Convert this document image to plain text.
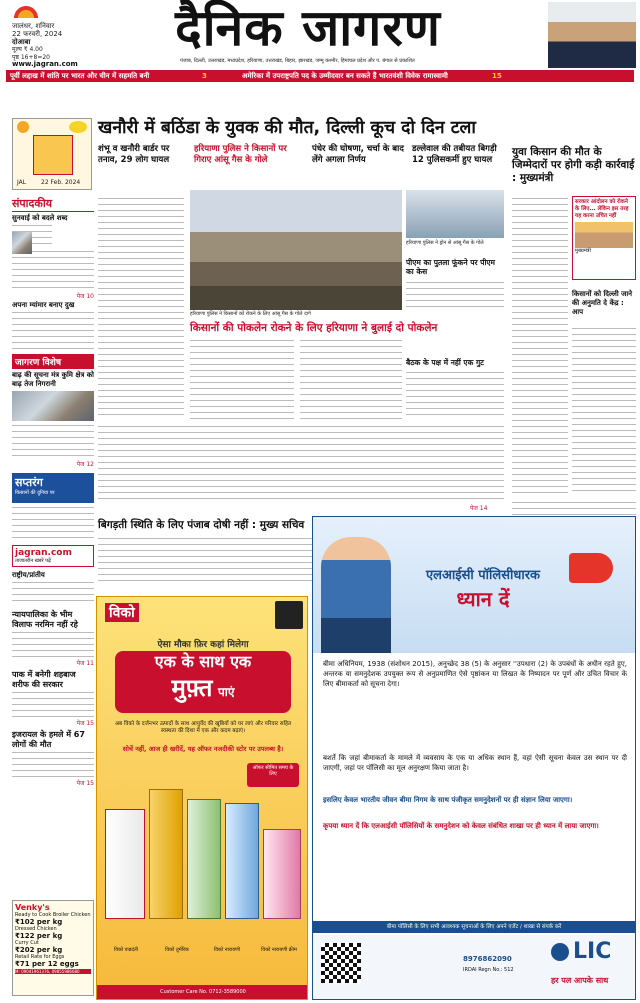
जालंधर, शनिवार
22 फरवरी, 2024
दोआबा
मूल्य ₹ 4.00
पृष्ठ 16+8=20
दैनिक जागरण
www.jagran.com	पंजाब, दिल्ली, उत्तराखंड, मध्यप्रदेश, हरियाणा, उत्तराखंड, बिहार, झारखंड, जम्मू कश्मीर, हिमाचल प्रदेश और प. बंगाल से प्रकाशित
पूर्वी लद्दाख में शांति पर भारत और चीन में सहमति बनी	3	अमेरिका में उपराष्ट्रपति पद के उम्मीदवार बन सकते हैं भारतवंशी विवेक रामास्वामी	15
JAL 22 Feb. 2024
संपादकीय
सुनवाई को बदले शब्द
पेज 10
अपना म्यांमार बनाए दुख
जागरण विशेष
बाढ़ की सूचना मंत्र कुमि क्षेत्र को बाढ़ तेज निगरानी
पेज 12
सप्तरंग
किसानों की दुनिया पर
jagran.com
ताजातरीन खबरें पढ़ें
राष्ट्रीय/प्रांतीय
न्यायपालिका के भीम विलाफ नरमिन नहीं रहे
पेज 11
पाक में बनेगी शहबाज शरीफ की सरकार
पेज 15
इजरायल के हमले में 67 लोगों की मौत
पेज 15
Venky's
Ready to Cook Broiler Chicken
₹102 per kg
Dressed Chicken
₹122 per kg
Curry Cut
₹202 per kg
Retail Rate for Eggs
₹71 per 12 eggs
M: 09041961376, 09855986680
खनौरी में बठिंडा के युवक की मौत, दिल्ली कूच दो दिन टला
शंभू व खनौरी बार्डर पर तनाव, 29 लोग घायल
हरियाणा पुलिस ने किसानों पर गिराए आंसू गैस के गोले
पंधेर की घोषणा, चर्चा के बाद लेंगे अगला निर्णय
डल्लेवाल की तबीयत बिगड़ी 12 पुलिसकर्मी हुए घायल
हरियाणा पुलिस ने किसानों को रोकने के लिए आंसू गैस के गोले दागे
हरियाणा पुलिस ने ड्रोन से आंसू गैस के गोले
पीएम का पुतला फूंकने पर पीएम का केस
किसानों की पोकलेन रोकने के लिए हरियाणा ने बुलाई दो पोकलेन
बैठक के पक्ष में नहीं एक गुट
पेज 14
युवा किसान की मौत के जिम्मेदारों पर होगी कड़ी कार्रवाई : मुख्यमंत्री
सरकार आंदोलन को रोकने के लिए... लेकिन इस तरह यह करना उचित नहीं
मुख्यमंत्री
किसानों को दिल्ली जाने की अनुमति दे केंद्र : आप
बिगड़ती स्थिति के लिए पंजाब दोषी नहीं : मुख्य सचिव
विको
ऐसा मौका फ़िर कहां मिलेगा
एक के साथ एक
मुफ़्त पाएं
अब विको के दर्जनभर उत्पादों के साथ आयुर्वेद की खूबियों को घर लाएं और परिवार सहित स्वस्थता की दिशा में एक और कदम बढ़ाएं।
सोचें नहीं, आज ही खरीदें, यह ऑफर नजदीकी स्टोर पर उपलब्ध है।
ऑफर सीमित समय के लिए
विको वज्रदंती	विको तुर्मरिक	विको नारायणी	विको नारायणी क्रीम
Customer Care No. 0712-3589000
एलआईसी पॉलिसीधारक
ध्यान दें
बीमा अधिनियम, 1938 (संशोधन 2015), अनुच्छेद 38 (5) के अनुसार ''उपधारा (2) के उपबंधों के अधीन रहते हुए, अन्तरक या समनुदेशक उपयुक्त रूप से अनुप्रमाणित ऐसे पृष्ठांकन या लिखत के निष्पादन पर पूर्ण और उचित विचार के लिए बीमाकर्ता को सूचना देगा।
बशर्ते कि जहां बीमाकर्ता के मामले में व्यवसाय के एक या अधिक स्थान हैं, वहां ऐसी सूचना केवल उस स्थान पर दी जाएगी, जहां पर पॉलिसी का मूल अनुरक्षण किया जाता है।
इसलिए केवल भारतीय जीवन बीमा निगम के साथ पंजीकृत समनुदेशनों पर ही संज्ञान लिया जाएगा।
कृपया ध्यान दें कि एलआईसी पॉलिसियों के समनुदेशन को केवल संबंधित शाखा पर ही ध्यान में लाया जाएगा।
बीमा पॉलिसी के लिए सभी आवश्यक सूचनाओं के लिए अपने एजेंट / शाखा से संपर्क करें
8976862090
IRDAI Regn No.: 512
LIC
हर पल आपके साथ
